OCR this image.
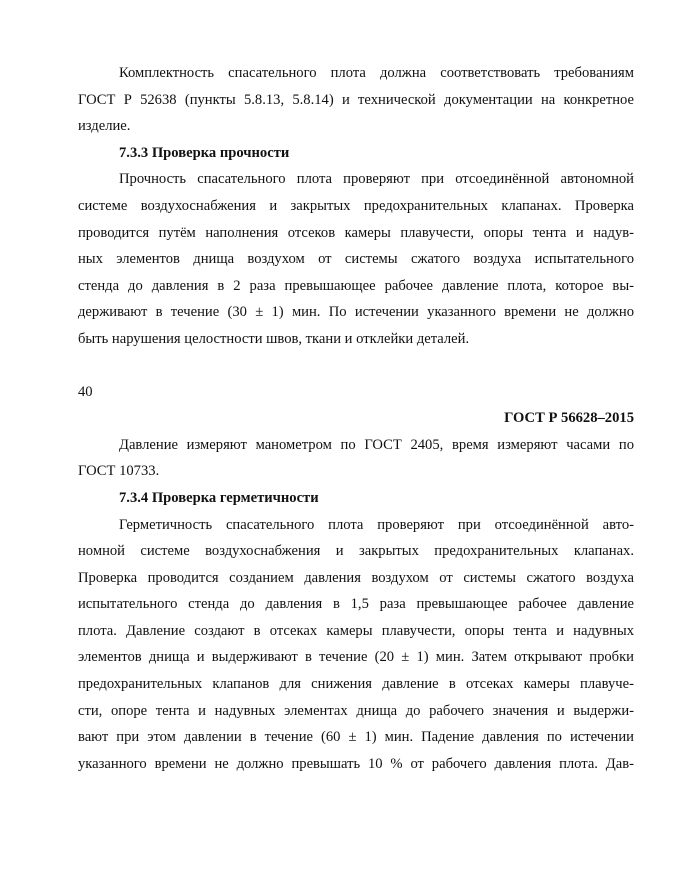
Комплектность спасательного плота должна соответствовать требованиям

ГОСТ Р 52638 (пункты 5.8.13, 5.8.14) и технической документации на конкретное

изделие.

7.3.3 Проверка прочности

Прочность спасательного плота проверяют при отсоединённой автономной

системе воздухоснабжения и закрытых предохранительных клапанах. Проверка

проводится путём наполнения отсеков камеры плавучести, опоры тента и надув-

ных элементов днища воздухом от системы сжатого воздуха испытательного

стенда до давления в 2 раза превышающее рабочее давление плота, которое вы-

держивают в течение (30 ± 1) мин. По истечении указанного времени не должно

быть нарушения целостности швов, ткани и отклейки деталей.

40

ГОСТ Р 56628–2015

Давление измеряют манометром по ГОСТ 2405, время измеряют часами по

ГОСТ 10733.

7.3.4 Проверка герметичности

Герметичность спасательного плота проверяют при отсоединённой авто-

номной системе воздухоснабжения и закрытых предохранительных клапанах.

Проверка проводится созданием давления воздухом от системы сжатого воздуха

испытательного стенда до давления в 1,5 раза превышающее рабочее давление

плота. Давление создают в отсеках камеры плавучести, опоры тента и надувных

элементов днища и выдерживают в течение (20 ± 1) мин. Затем открывают пробки

предохранительных клапанов для снижения давление в отсеках камеры плавуче-

сти, опоре тента и надувных элементах днища до рабочего значения и выдержи-

вают при этом давлении в течение (60 ± 1) мин. Падение давления по истечении

указанного времени не должно превышать 10 % от рабочего давления плота. Дав-
